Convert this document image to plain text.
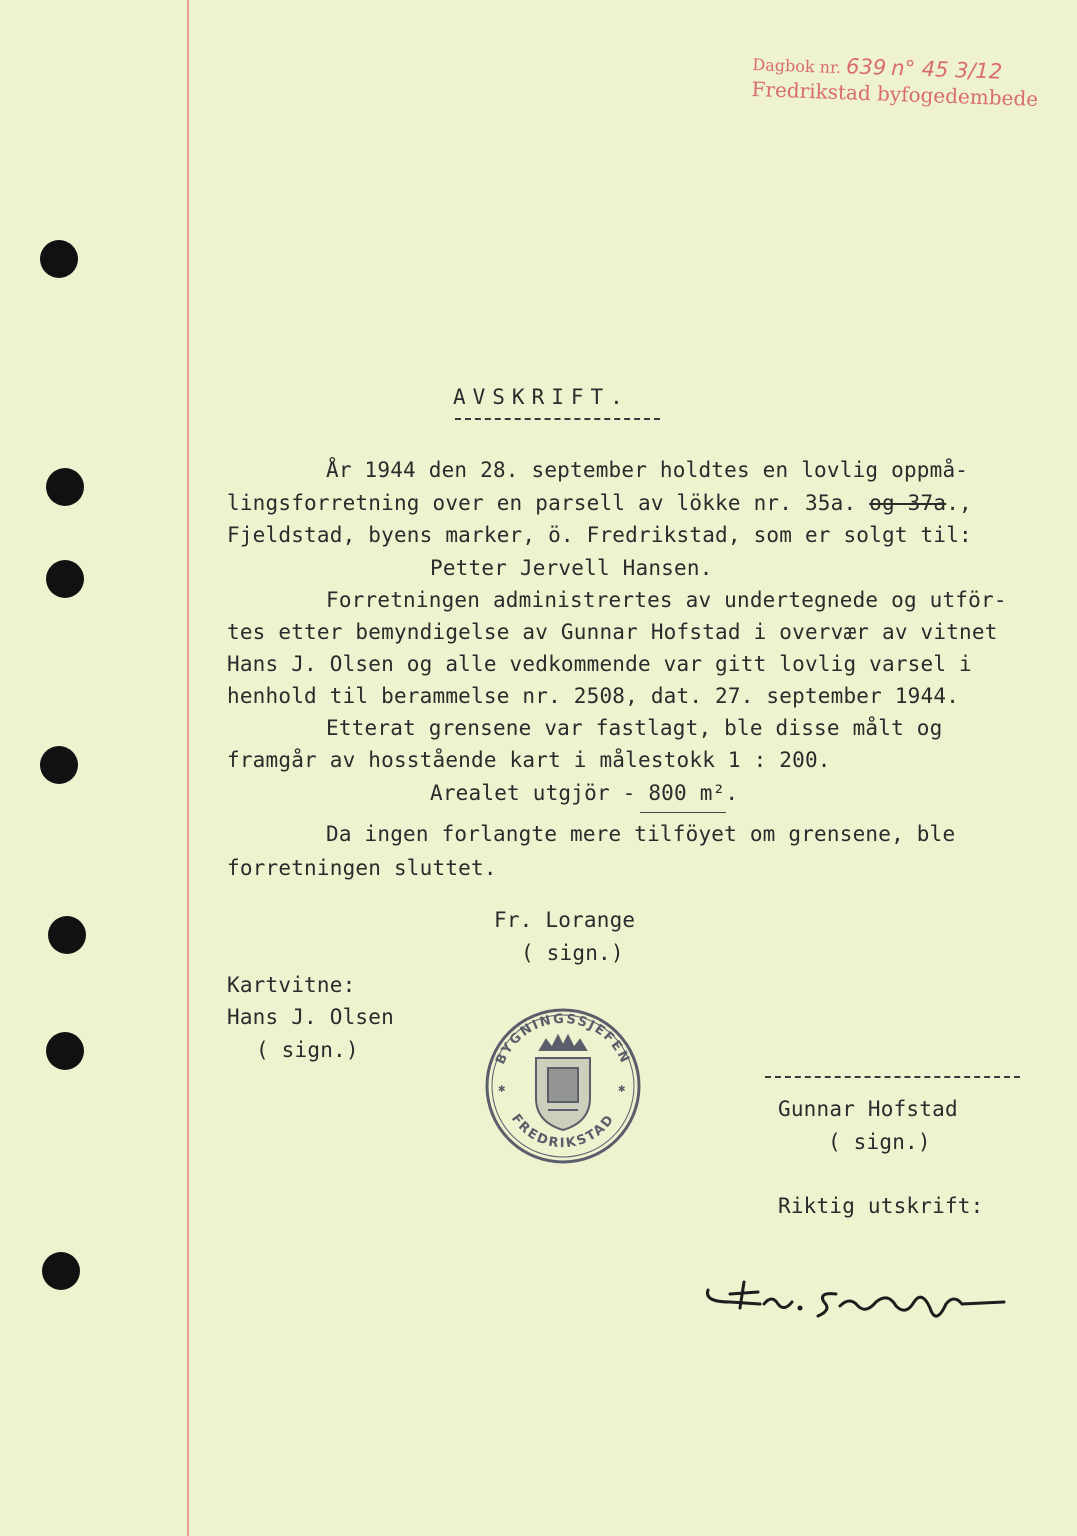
Dagbok nr. 639 n° 45 3/12
Fredrikstad byfogedembede
AVSKRIFT.
År 1944 den 28. september holdtes en lovlig oppmå-
lingsforretning over en parsell av lökke nr. 35a. og 37a.,
Fjeldstad, byens marker, ö. Fredrikstad, som er solgt til:
Petter Jervell Hansen.
Forretningen administrertes av undertegnede og utför-
tes etter bemyndigelse av Gunnar Hofstad i overvær av vitnet
Hans J. Olsen og alle vedkommende var gitt lovlig varsel i
henhold til berammelse nr. 2508, dat. 27. september 1944.
Etterat grensene var fastlagt, ble disse målt og
framgår av hosstående kart i målestokk 1 : 200.
Arealet utgjör - 800 m².
Da ingen forlangte mere tilföyet om grensene, ble
forretningen sluttet.
Fr. Lorange
( sign.)
Kartvitne:
Hans J. Olsen
( sign.)	BYGNINGSSJEFEN
FREDRIKSTAD
✱	✱
Gunnar Hofstad
( sign.)
Riktig utskrift:
